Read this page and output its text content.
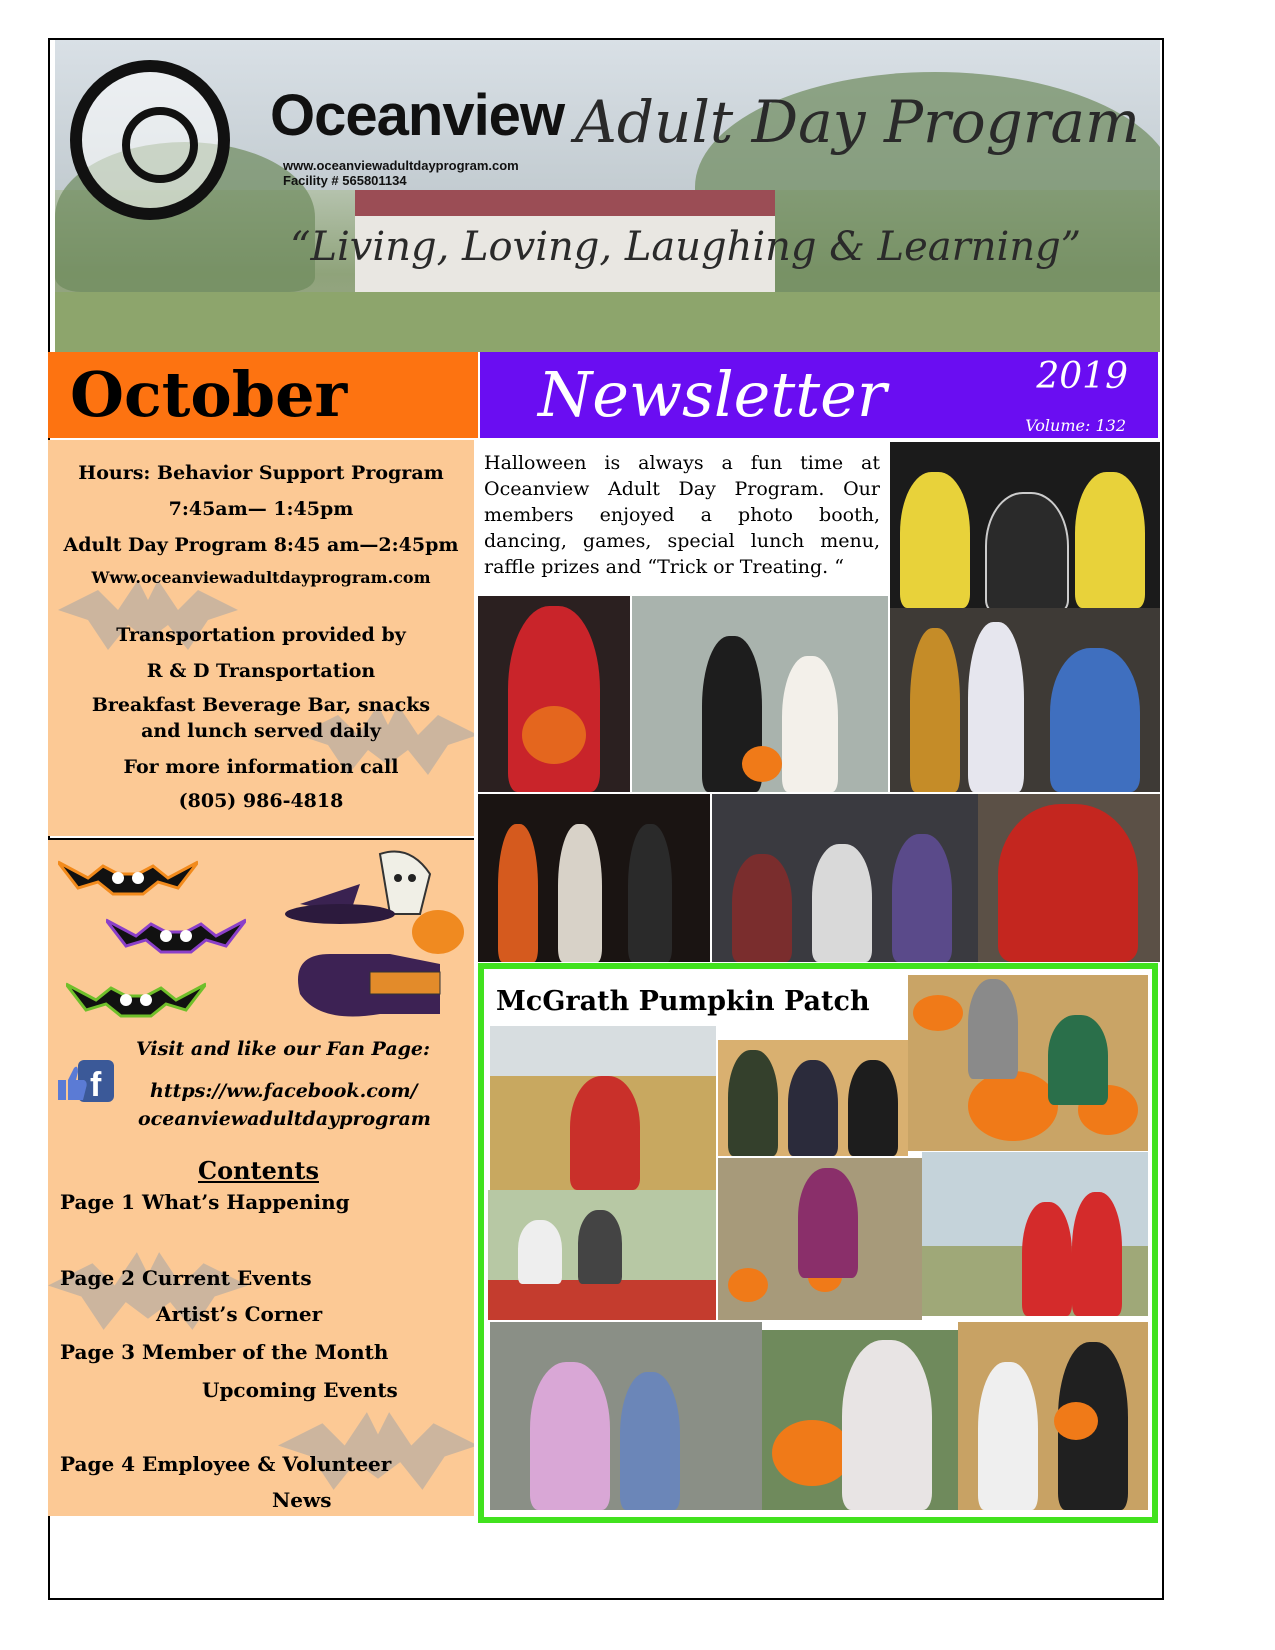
Oceanview Adult Day Program
www.oceanviewadultdayprogram.com
Facility # 565801134
“Living, Loving, Laughing & Learning”
October	Newsletter	2019
Volume: 132
Hours: Behavior Support Program
7:45am— 1:45pm
Adult Day Program 8:45 am—2:45pm
Www.oceanviewadultdayprogram.com
Transportation provided by
R & D Transportation
Breakfast Beverage Bar, snacks
and lunch served daily
For more information call
(805) 986-4818
f
Visit and like our Fan Page:
https://ww.facebook.com/
oceanviewadultdayprogram
Contents
Page 1 What’s Happening
Page 2 Current Events
Artist’s Corner
Page 3 Member of the Month
Upcoming Events
Page 4 Employee & Volunteer
News

Halloween is always a fun time at Oceanview Adult Day Program. Our members enjoyed a photo booth, dancing, games, special lunch menu, raffle prizes and “Trick or Treating. “

McGrath Pumpkin Patch
